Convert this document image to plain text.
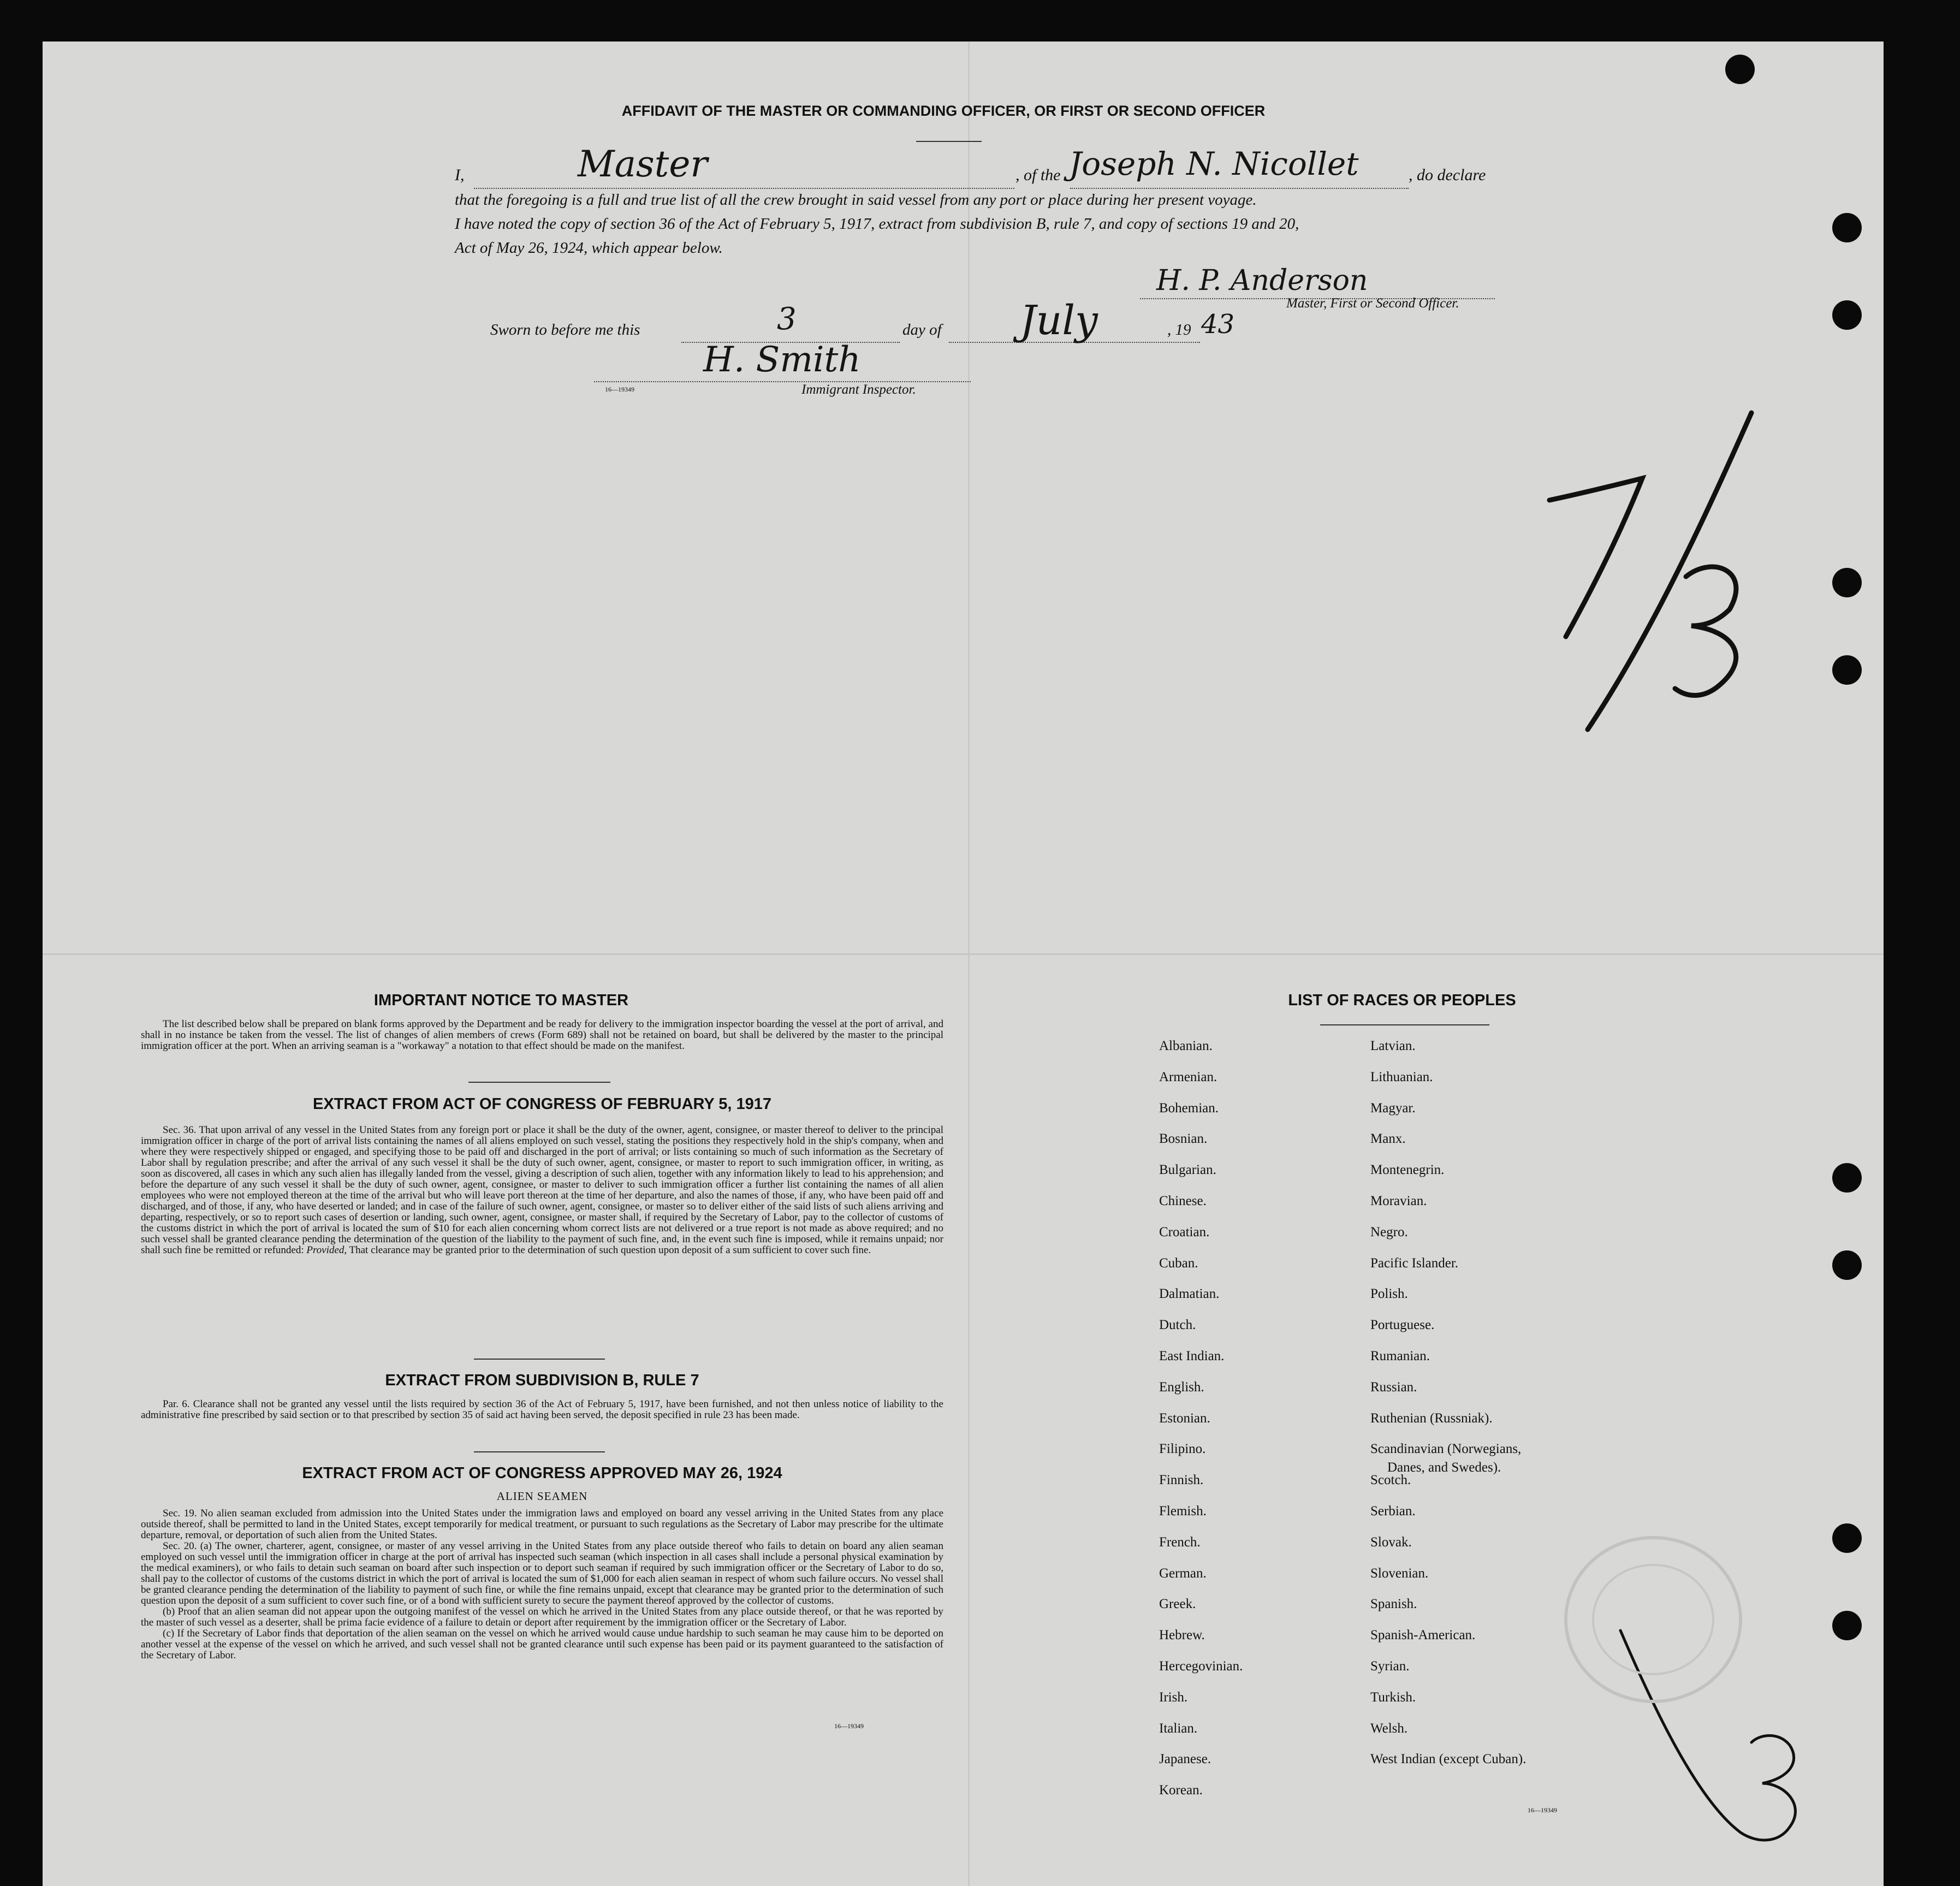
AFFIDAVIT OF THE MASTER OR COMMANDING OFFICER, OR FIRST OR SECOND OFFICER
I,	Master	, of the Joseph N. Nicollet	, do declare
that the foregoing is a full and true list of all the crew brought in said vessel from any port or place during her present voyage.
I have noted the copy of section 36 of the Act of February 5, 1917, extract from subdivision B, rule 7, and copy of sections 19 and 20,
Act of May 26, 1924, which appear below.
H. P. Anderson
Master, First or Second Officer.
Sworn to before me this	3	day of July	, 19 43
H. Smith
Immigrant Inspector.
16—19349
IMPORTANT NOTICE TO MASTER
The list described below shall be prepared on blank forms approved by the Department and be ready for delivery to the immigration inspector boarding the vessel at the port of arrival, and shall in no instance be taken from the vessel. The list of changes of alien members of crews (Form 689) shall not be retained on board, but shall be delivered by the master to the principal immigration officer at the port. When an arriving seaman is a "workaway" a notation to that effect should be made on the manifest.
EXTRACT FROM ACT OF CONGRESS OF FEBRUARY 5, 1917
Sec. 36. That upon arrival of any vessel in the United States from any foreign port or place it shall be the duty of the owner, agent, consignee, or master thereof to deliver to the principal immigration officer in charge of the port of arrival lists containing the names of all aliens employed on such vessel, stating the positions they respectively hold in the ship's company, when and where they were respectively shipped or engaged, and specifying those to be paid off and discharged in the port of arrival; or lists containing so much of such information as the Secretary of Labor shall by regulation prescribe; and after the arrival of any such vessel it shall be the duty of such owner, agent, consignee, or master to report to such immigration officer, in writing, as soon as discovered, all cases in which any such alien has illegally landed from the vessel, giving a description of such alien, together with any information likely to lead to his apprehension; and before the departure of any such vessel it shall be the duty of such owner, agent, consignee, or master to deliver to such immigration officer a further list containing the names of all alien employees who were not employed thereon at the time of the arrival but who will leave port thereon at the time of her departure, and also the names of those, if any, who have been paid off and discharged, and of those, if any, who have deserted or landed; and in case of the failure of such owner, agent, consignee, or master so to deliver either of the said lists of such aliens arriving and departing, respectively, or so to report such cases of desertion or landing, such owner, agent, consignee, or master shall, if required by the Secretary of Labor, pay to the collector of customs of the customs district in which the port of arrival is located the sum of $10 for each alien concerning whom correct lists are not delivered or a true report is not made as above required; and no such vessel shall be granted clearance pending the determination of the question of the liability to the payment of such fine, and, in the event such fine is imposed, while it remains unpaid; nor shall such fine be remitted or refunded: Provided, That clearance may be granted prior to the determination of such question upon deposit of a sum sufficient to cover such fine.
EXTRACT FROM SUBDIVISION B, RULE 7
Par. 6. Clearance shall not be granted any vessel until the lists required by section 36 of the Act of February 5, 1917, have been furnished, and not then unless notice of liability to the administrative fine prescribed by said section or to that prescribed by section 35 of said act having been served, the deposit specified in rule 23 has been made.
EXTRACT FROM ACT OF CONGRESS APPROVED MAY 26, 1924
ALIEN SEAMEN
Sec. 19. No alien seaman excluded from admission into the United States under the immigration laws and employed on board any vessel arriving in the United States from any place outside thereof, shall be permitted to land in the United States, except temporarily for medical treatment, or pursuant to such regulations as the Secretary of Labor may prescribe for the ultimate departure, removal, or deportation of such alien from the United States.
Sec. 20. (a) The owner, charterer, agent, consignee, or master of any vessel arriving in the United States from any place outside thereof who fails to detain on board any alien seaman employed on such vessel until the immigration officer in charge at the port of arrival has inspected such seaman (which inspection in all cases shall include a personal physical examination by the medical examiners), or who fails to detain such seaman on board after such inspection or to deport such seaman if required by such immigration officer or the Secretary of Labor to do so, shall pay to the collector of customs of the customs district in which the port of arrival is located the sum of $1,000 for each alien seaman in respect of whom such failure occurs. No vessel shall be granted clearance pending the determination of the liability to payment of such fine, or while the fine remains unpaid, except that clearance may be granted prior to the determination of such question upon the deposit of a sum sufficient to cover such fine, or of a bond with sufficient surety to secure the payment thereof approved by the collector of customs.
(b) Proof that an alien seaman did not appear upon the outgoing manifest of the vessel on which he arrived in the United States from any place outside thereof, or that he was reported by the master of such vessel as a deserter, shall be prima facie evidence of a failure to detain or deport after requirement by the immigration officer or the Secretary of Labor.
(c) If the Secretary of Labor finds that deportation of the alien seaman on the vessel on which he arrived would cause undue hardship to such seaman he may cause him to be deported on another vessel at the expense of the vessel on which he arrived, and such vessel shall not be granted clearance until such expense has been paid or its payment guaranteed to the satisfaction of the Secretary of Labor.
16—19349
LIST OF RACES OR PEOPLES
16—19349
Albanian.
Armenian.
Bohemian.
Bosnian.
Bulgarian.
Chinese.
Croatian.
Cuban.
Dalmatian.
Dutch.
East Indian.
English.
Estonian.
Filipino.
Finnish.
Flemish.
French.
German.
Greek.
Hebrew.
Hercegovinian.
Irish.
Italian.
Japanese.
Korean.
Latvian.
Lithuanian.
Magyar.
Manx.
Montenegrin.
Moravian.
Negro.
Pacific Islander.
Polish.
Portuguese.
Rumanian.
Russian.
Ruthenian (Russniak).
Scandinavian (Norwegians,
Danes, and Swedes).
Scotch.
Serbian.
Slovak.
Slovenian.
Spanish.
Spanish-American.
Syrian.
Turkish.
Welsh.
West Indian (except Cuban).
